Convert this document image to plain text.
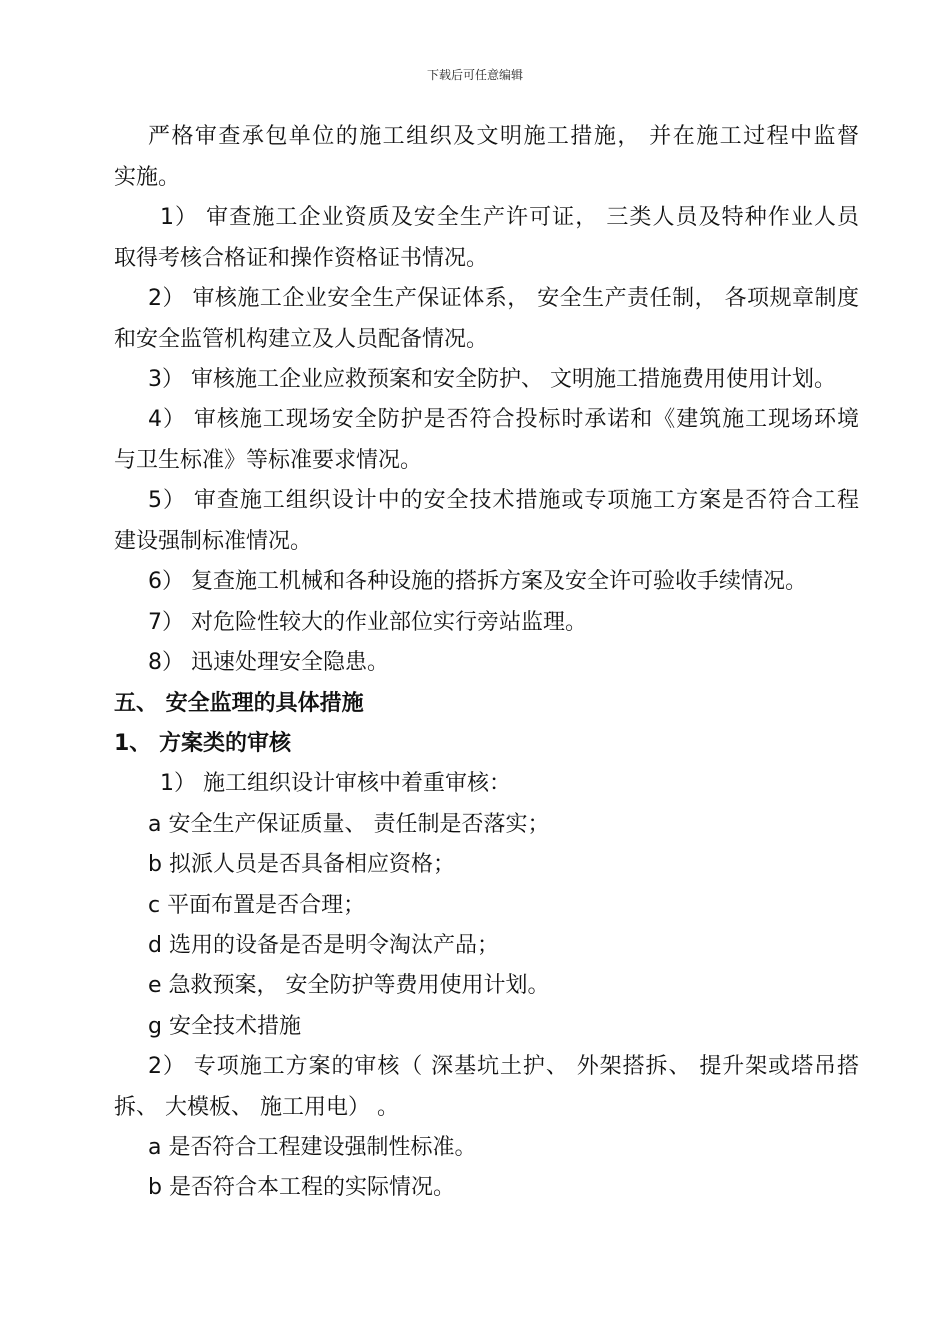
下载后可任意编辑
严格审查承包单位的施工组织及文明施工措施， 并在施工过程中监督
实施。
1） 审查施工企业资质及安全生产许可证， 三类人员及特种作业人员
取得考核合格证和操作资格证书情况。
2） 审核施工企业安全生产保证体系， 安全生产责任制， 各项规章制度
和安全监管机构建立及人员配备情况。
3） 审核施工企业应救预案和安全防护、 文明施工措施费用使用计划。
4） 审核施工现场安全防护是否符合投标时承诺和《建筑施工现场环境
与卫生标准》等标准要求情况。
5） 审查施工组织设计中的安全技术措施或专项施工方案是否符合工程
建设强制标准情况。
6） 复查施工机械和各种设施的搭拆方案及安全许可验收手续情况。
7） 对危险性较大的作业部位实行旁站监理。
8） 迅速处理安全隐患。
五、 安全监理的具体措施
1、 方案类的审核
1） 施工组织设计审核中着重审核：
a 安全生产保证质量、 责任制是否落实；
b 拟派人员是否具备相应资格；
c 平面布置是否合理；
d 选用的设备是否是明令淘汰产品；
e 急救预案， 安全防护等费用使用计划。
g 安全技术措施
2） 专项施工方案的审核（ 深基坑土护、 外架搭拆、 提升架或塔吊搭
拆、 大模板、 施工用电） 。
a 是否符合工程建设强制性标准。
b 是否符合本工程的实际情况。
